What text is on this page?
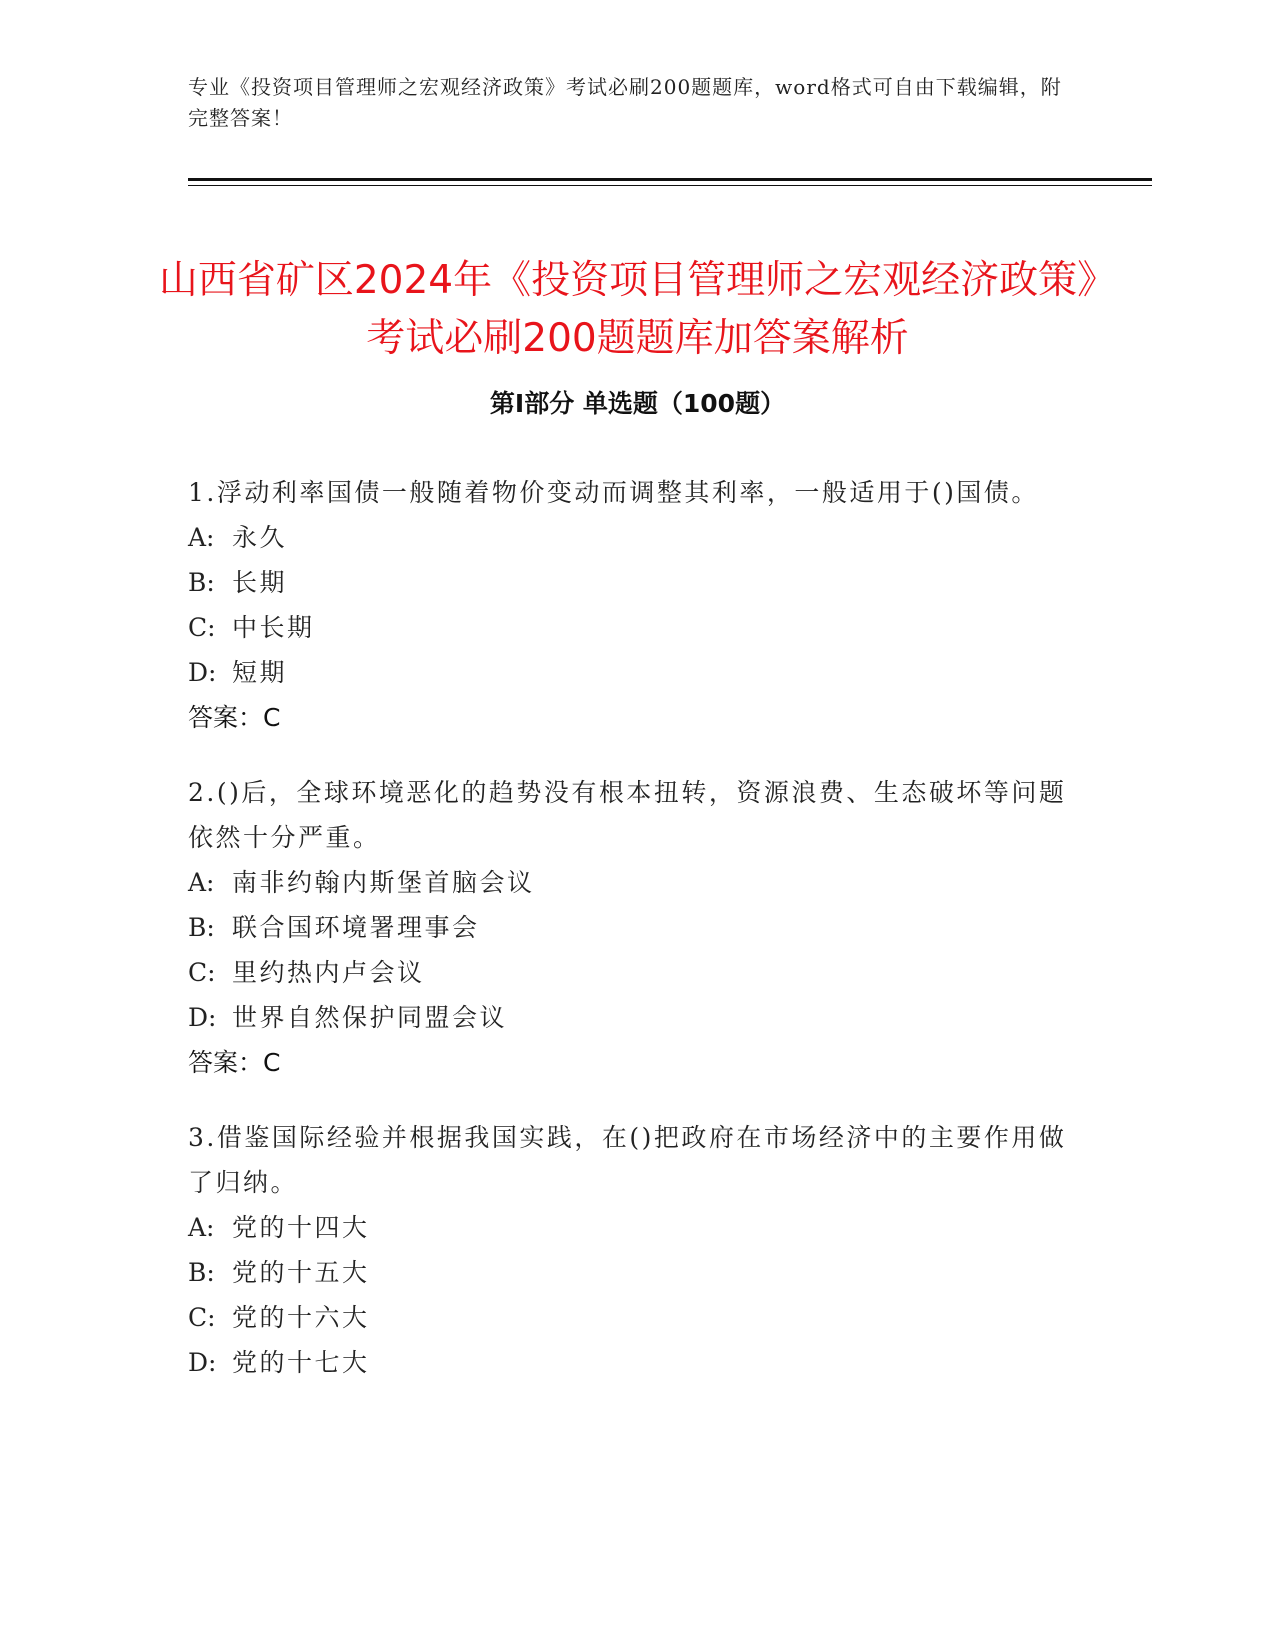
专业《投资项目管理师之宏观经济政策》考试必刷200题题库，word格式可自由下载编辑，附完整答案！
山西省矿区2024年《投资项目管理师之宏观经济政策》考试必刷200题题库加答案解析
第Ⅰ部分 单选题（100题）
1.浮动利率国债一般随着物价变动而调整其利率，一般适用于()国债。
A: 永久
B: 长期
C: 中长期
D: 短期
答案：C
2.()后，全球环境恶化的趋势没有根本扭转，资源浪费、生态破坏等问题依然十分严重。
A: 南非约翰内斯堡首脑会议
B: 联合国环境署理事会
C: 里约热内卢会议
D: 世界自然保护同盟会议
答案：C
3.借鉴国际经验并根据我国实践，在()把政府在市场经济中的主要作用做了归纳。
A: 党的十四大
B: 党的十五大
C: 党的十六大
D: 党的十七大
